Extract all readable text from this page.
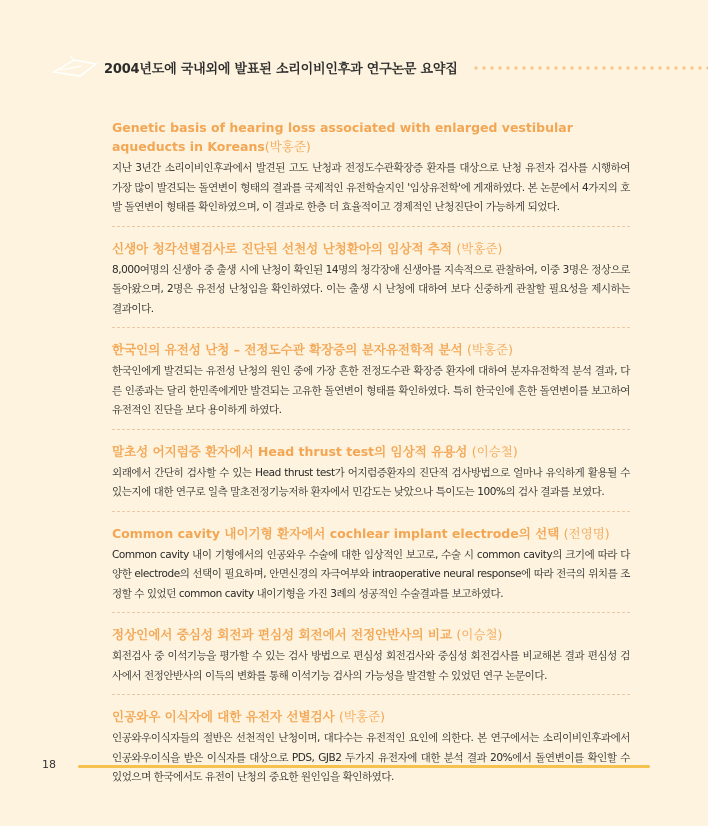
2004년도에 국내외에 발표된 소리이비인후과 연구논문 요약집
Genetic basis of hearing loss associated with enlarged vestibular aqueducts in Koreans(박홍준)
지난 3년간 소리이비인후과에서 발견된 고도 난청과 전정도수관확장증 환자를 대상으로 난청 유전자 검사를 시행하여 가장 많이 발견되는 돌연변이 형태의 결과를 국제적인 유전학술지인 '임상유전학'에 게재하였다. 본 논문에서 4가지의 호발 돌연변이 형태를 확인하였으며, 이 결과로 한층 더 효율적이고 경제적인 난청진단이 가능하게 되었다.
신생아 청각선별검사로 진단된 선천성 난청환아의 임상적 추적 (박홍준)
8,000여명의 신생아 중 출생 시에 난청이 확인된 14명의 청각장애 신생아를 지속적으로 관찰하여, 이중 3명은 정상으로 돌아왔으며, 2명은 유전성 난청임을 확인하였다. 이는 출생 시 난청에 대하여 보다 신중하게 관찰할 필요성을 제시하는 결과이다.
한국인의 유전성 난청 – 전정도수관 확장증의 분자유전학적 분석 (박홍준)
한국인에게 발견되는 유전성 난청의 원인 중에 가장 흔한 전정도수관 확장증 환자에 대하여 분자유전학적 분석 결과, 다른 인종과는 달리 한민족에게만 발견되는 고유한 돌연변이 형태를 확인하였다. 특히 한국인에 흔한 돌연변이를 보고하여 유전적인 진단을 보다 용이하게 하였다.
말초성 어지럼증 환자에서 Head thrust test의 임상적 유용성 (이승철)
외래에서 간단히 검사할 수 있는 Head thrust test가 어지럼증환자의 진단적 검사방법으로 얼마나 유익하게 활용될 수 있는지에 대한 연구로 일측 말초전정기능저하 환자에서 민감도는 낮았으나 특이도는 100%의 검사 결과를 보였다.
Common cavity 내이기형 환자에서 cochlear implant electrode의 선택 (전영명)
Common cavity 내이 기형에서의 인공와우 수술에 대한 임상적인 보고로, 수술 시 common cavity의 크기에 따라 다양한 electrode의 선택이 필요하며, 안면신경의 자극여부와 intraoperative neural response에 따라 전극의 위치를 조정할 수 있었던 common cavity 내이기형을 가진 3례의 성공적인 수술결과를 보고하였다.
정상인에서 중심성 회전과 편심성 회전에서 전정안반사의 비교 (이승철)
회전검사 중 이석기능을 평가할 수 있는 검사 방법으로 편심성 회전검사와 중심성 회전검사를 비교해본 결과 편심성 검사에서 전정안반사의 이득의 변화를 통해 이석기능 검사의 가능성을 발견할 수 있었던 연구 논문이다.
인공와우 이식자에 대한 유전자 선별검사 (박홍준)
인공와우이식자들의 절반은 선천적인 난청이며, 대다수는 유전적인 요인에 의한다. 본 연구에서는 소리이비인후과에서 인공와우이식을 받은 이식자를 대상으로 PDS, GJB2 두가지 유전자에 대한 분석 결과 20%에서 돌연변이를 확인할 수 있었으며 한국에서도 유전이 난청의 중요한 원인임을 확인하였다.
18
